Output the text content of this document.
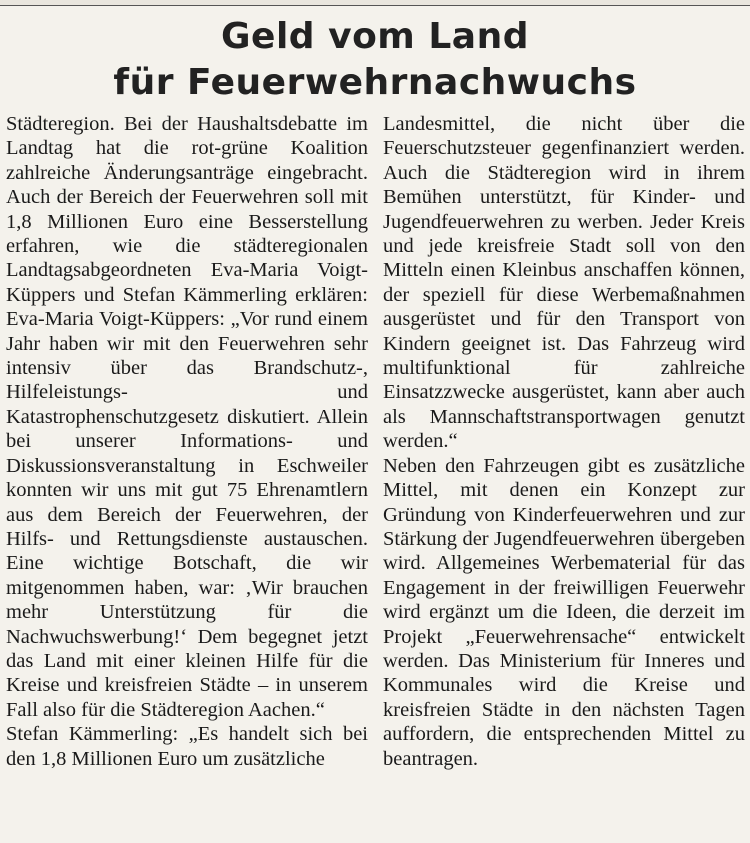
Geld vom Land
für Feuerwehrnachwuchs

Städteregion. Bei der Haushaltsdebatte im Landtag hat die rot-grüne Koalition zahlreiche Änderungsanträge eingebracht. Auch der Bereich der Feuerwehren soll mit 1,8 Millionen Euro eine Besserstellung erfahren, wie die städteregionalen Landtagsabgeordneten Eva-Maria Voigt-Küppers und Stefan Kämmerling erklären: Eva-Maria Voigt-Küppers: „Vor rund einem Jahr haben wir mit den Feuerwehren sehr intensiv über das Brandschutz-, Hilfeleistungs- und Katastrophenschutzgesetz diskutiert. Allein bei unserer Informations- und Diskussionsveranstaltung in Eschweiler konnten wir uns mit gut 75 Ehrenamtlern aus dem Bereich der Feuerwehren, der Hilfs- und Rettungsdienste austauschen. Eine wichtige Botschaft, die wir mitgenommen haben, war: ‚Wir brauchen mehr Unterstützung für die Nachwuchswerbung!‘ Dem begegnet jetzt das Land mit einer kleinen Hilfe für die Kreise und kreisfreien Städte – in unserem Fall also für die Städteregion Aachen.“

Stefan Kämmerling: „Es handelt sich bei den 1,8 Millionen Euro um zusätzliche

Landesmittel, die nicht über die Feuerschutzsteuer gegenfinanziert werden. Auch die Städteregion wird in ihrem Bemühen unterstützt, für Kinder- und Jugendfeuerwehren zu werben. Jeder Kreis und jede kreisfreie Stadt soll von den Mitteln einen Kleinbus anschaffen können, der speziell für diese Werbemaßnahmen ausgerüstet und für den Transport von Kindern geeignet ist. Das Fahrzeug wird multifunktional für zahlreiche Einsatzzwecke ausgerüstet, kann aber auch als Mannschaftstransportwagen genutzt werden.“

Neben den Fahrzeugen gibt es zusätzliche Mittel, mit denen ein Konzept zur Gründung von Kinderfeuerwehren und zur Stärkung der Jugendfeuerwehren übergeben wird. Allgemeines Werbematerial für das Engagement in der freiwilligen Feuerwehr wird ergänzt um die Ideen, die derzeit im Projekt „Feuerwehrensache“ entwickelt werden. Das Ministerium für Inneres und Kommunales wird die Kreise und kreisfreien Städte in den nächsten Tagen auffordern, die entsprechenden Mittel zu beantragen.
